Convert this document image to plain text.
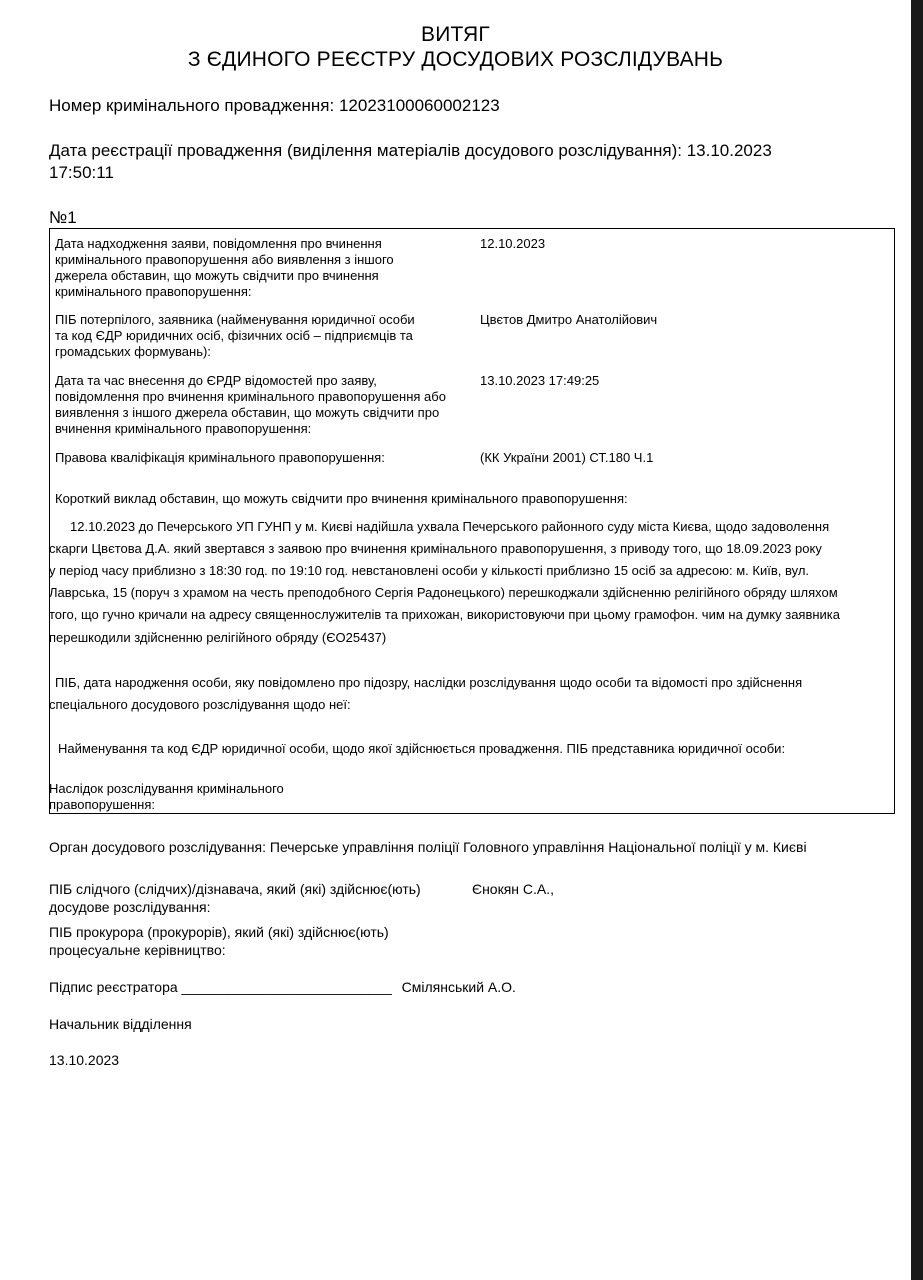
ВИТЯГ
З ЄДИНОГО РЕЄСТРУ ДОСУДОВИХ РОЗСЛІДУВАНЬ
Номер кримінального провадження: 12023100060002123
Дата реєстрації провадження (виділення матеріалів досудового розслідування): 13.10.2023
17:50:11
№1
Дата надходження заяви, повідомлення про вчинення
кримінального правопорушення або виявлення з іншого
джерела обставин, що можуть свідчити про вчинення
кримінального правопорушення:
12.10.2023
ПІБ потерпілого, заявника (найменування юридичної особи
та код ЄДР юридичних осіб, фізичних осіб – підприємців та
громадських формувань):
Цвєтов Дмитро Анатолійович
Дата та час внесення до ЄРДР відомостей про заяву,
повідомлення про вчинення кримінального правопорушення або
виявлення з іншого джерела обставин, що можуть свідчити про
вчинення кримінального правопорушення:
13.10.2023 17:49:25
Правова кваліфікація кримінального правопорушення:	(КК України 2001) СТ.180 Ч.1
Короткий виклад обставин, що можуть свідчити про вчинення кримінального правопорушення:
12.10.2023 до Печерського УП ГУНП у м. Києві надійшла ухвала Печерського районного суду міста Києва, щодо задоволення
скарги Цвєтова Д.А. який звертався з заявою про вчинення кримінального правопорушення, з приводу того, що 18.09.2023 року
у період часу приблизно з 18:30 год. по 19:10 год. невстановлені особи у кількості приблизно 15 осіб за адресою: м. Київ, вул.
Лаврська, 15 (поруч з храмом на честь преподобного Сергія Радонецького) перешкоджали здійсненню релігійного обряду шляхом
того, що гучно кричали на адресу священнослужителів та прихожан, використовуючи при цьому грамофон. чим на думку заявника
перешкодили здійсненню релігійного обряду (ЄО25437)
ПІБ, дата народження особи, яку повідомлено про підозру, наслідки розслідування щодо особи та відомості про здійснення
спеціального досудового розслідування щодо неї:
Найменування та код ЄДР юридичної особи, щодо якої здійснюється провадження. ПІБ представника юридичної особи:
Наслідок розслідування кримінального
правопорушення:
Орган досудового розслідування: Печерське управління поліції Головного управління Національної поліції у м. Києві
ПІБ слідчого (слідчих)/дізнавача, який (які) здійснює(ють)
досудове розслідування:
Єнокян С.А.,
ПІБ прокурора (прокурорів), який (які) здійснює(ють)
процесуальне керівництво:
Підпис реєстратора ___________________________ Смілянський А.О.
Начальник відділення
13.10.2023
